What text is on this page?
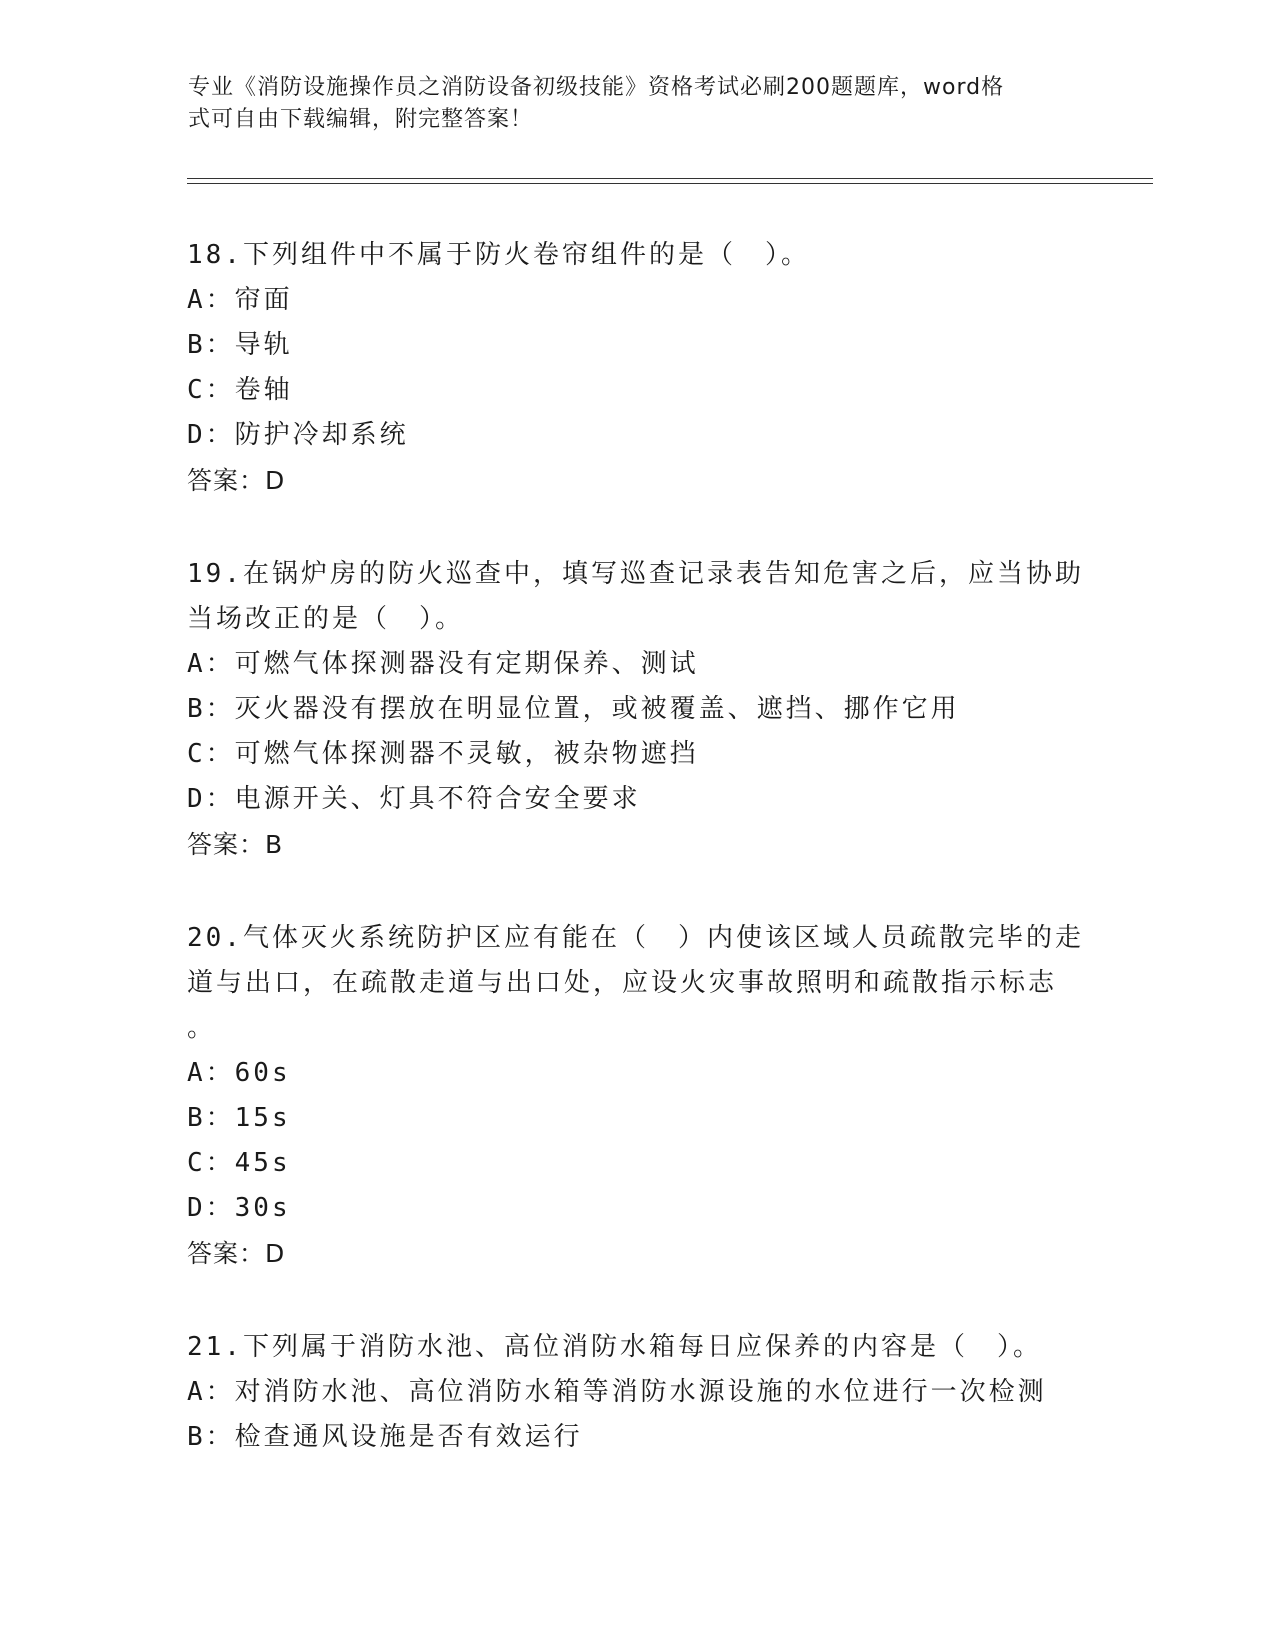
专业《消防设施操作员之消防设备初级技能》资格考试必刷200题题库，word格
式可自由下载编辑，附完整答案！

18.下列组件中不属于防火卷帘组件的是（　）。

A：帘面

B：导轨

C：卷轴

D：防护冷却系统

答案：D

19.在锅炉房的防火巡查中，填写巡查记录表告知危害之后，应当协助

当场改正的是（　）。

A：可燃气体探测器没有定期保养、测试

B：灭火器没有摆放在明显位置，或被覆盖、遮挡、挪作它用

C：可燃气体探测器不灵敏，被杂物遮挡

D：电源开关、灯具不符合安全要求

答案：B

20.气体灭火系统防护区应有能在（　）内使该区域人员疏散完毕的走

道与出口，在疏散走道与出口处，应设火灾事故照明和疏散指示标志

。

A：60s

B：15s

C：45s

D：30s

答案：D

21.下列属于消防水池、高位消防水箱每日应保养的内容是（　）。

A：对消防水池、高位消防水箱等消防水源设施的水位进行一次检测

B：检查通风设施是否有效运行
